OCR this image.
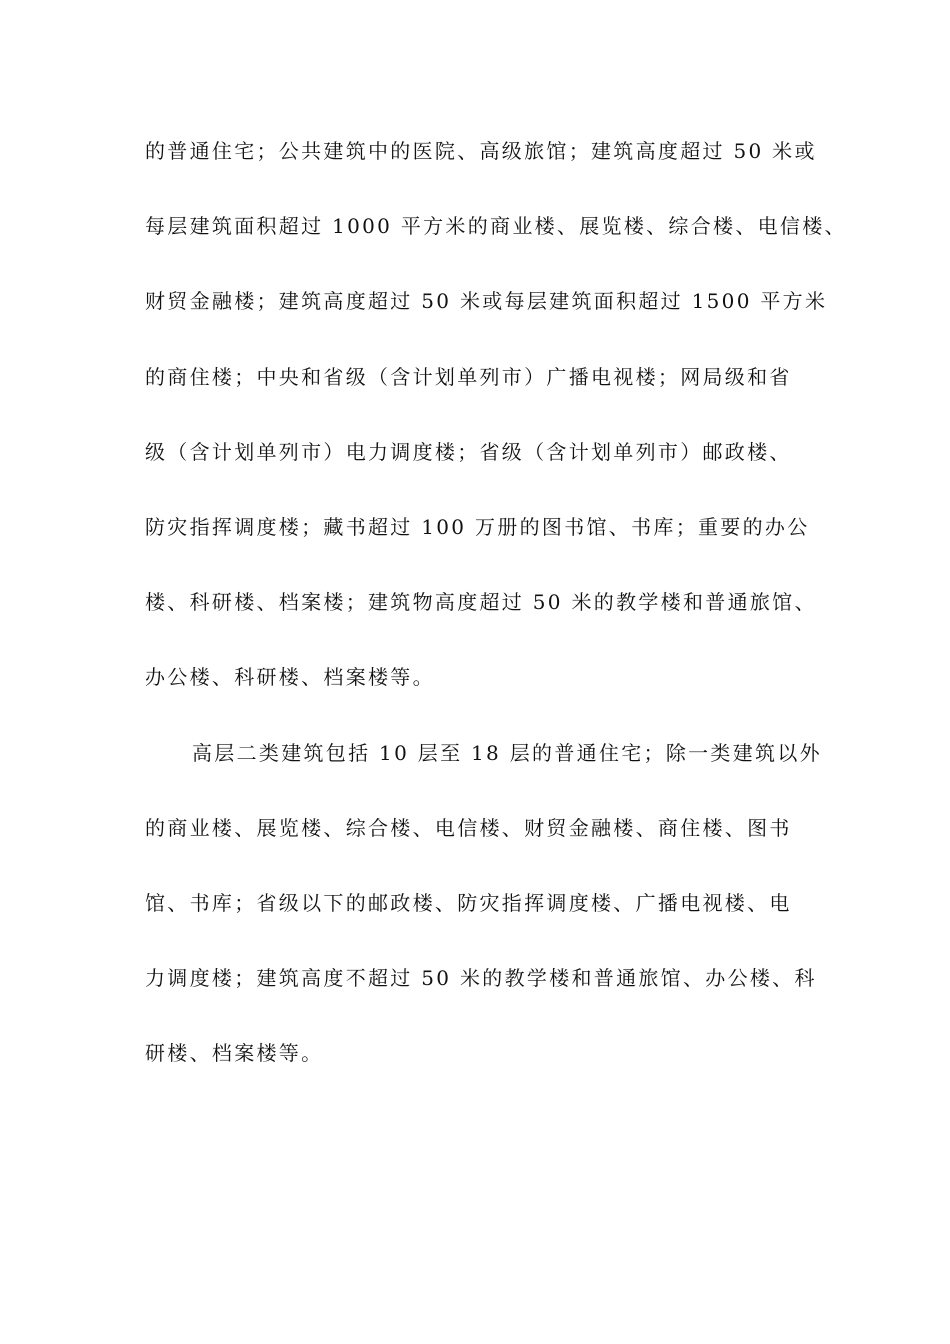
的普通住宅；公共建筑中的医院、高级旅馆；建筑高度超过 50 米或
每层建筑面积超过 1000 平方米的商业楼、展览楼、综合楼、电信楼、
财贸金融楼；建筑高度超过 50 米或每层建筑面积超过 1500 平方米
的商住楼；中央和省级（含计划单列市）广播电视楼；网局级和省
级（含计划单列市）电力调度楼；省级（含计划单列市）邮政楼、
防灾指挥调度楼；藏书超过 100 万册的图书馆、书库；重要的办公
楼、科研楼、档案楼；建筑物高度超过 50 米的教学楼和普通旅馆、
办公楼、科研楼、档案楼等。
高层二类建筑包括 10 层至 18 层的普通住宅；除一类建筑以外
的商业楼、展览楼、综合楼、电信楼、财贸金融楼、商住楼、图书
馆、书库；省级以下的邮政楼、防灾指挥调度楼、广播电视楼、电
力调度楼；建筑高度不超过 50 米的教学楼和普通旅馆、办公楼、科
研楼、档案楼等。
